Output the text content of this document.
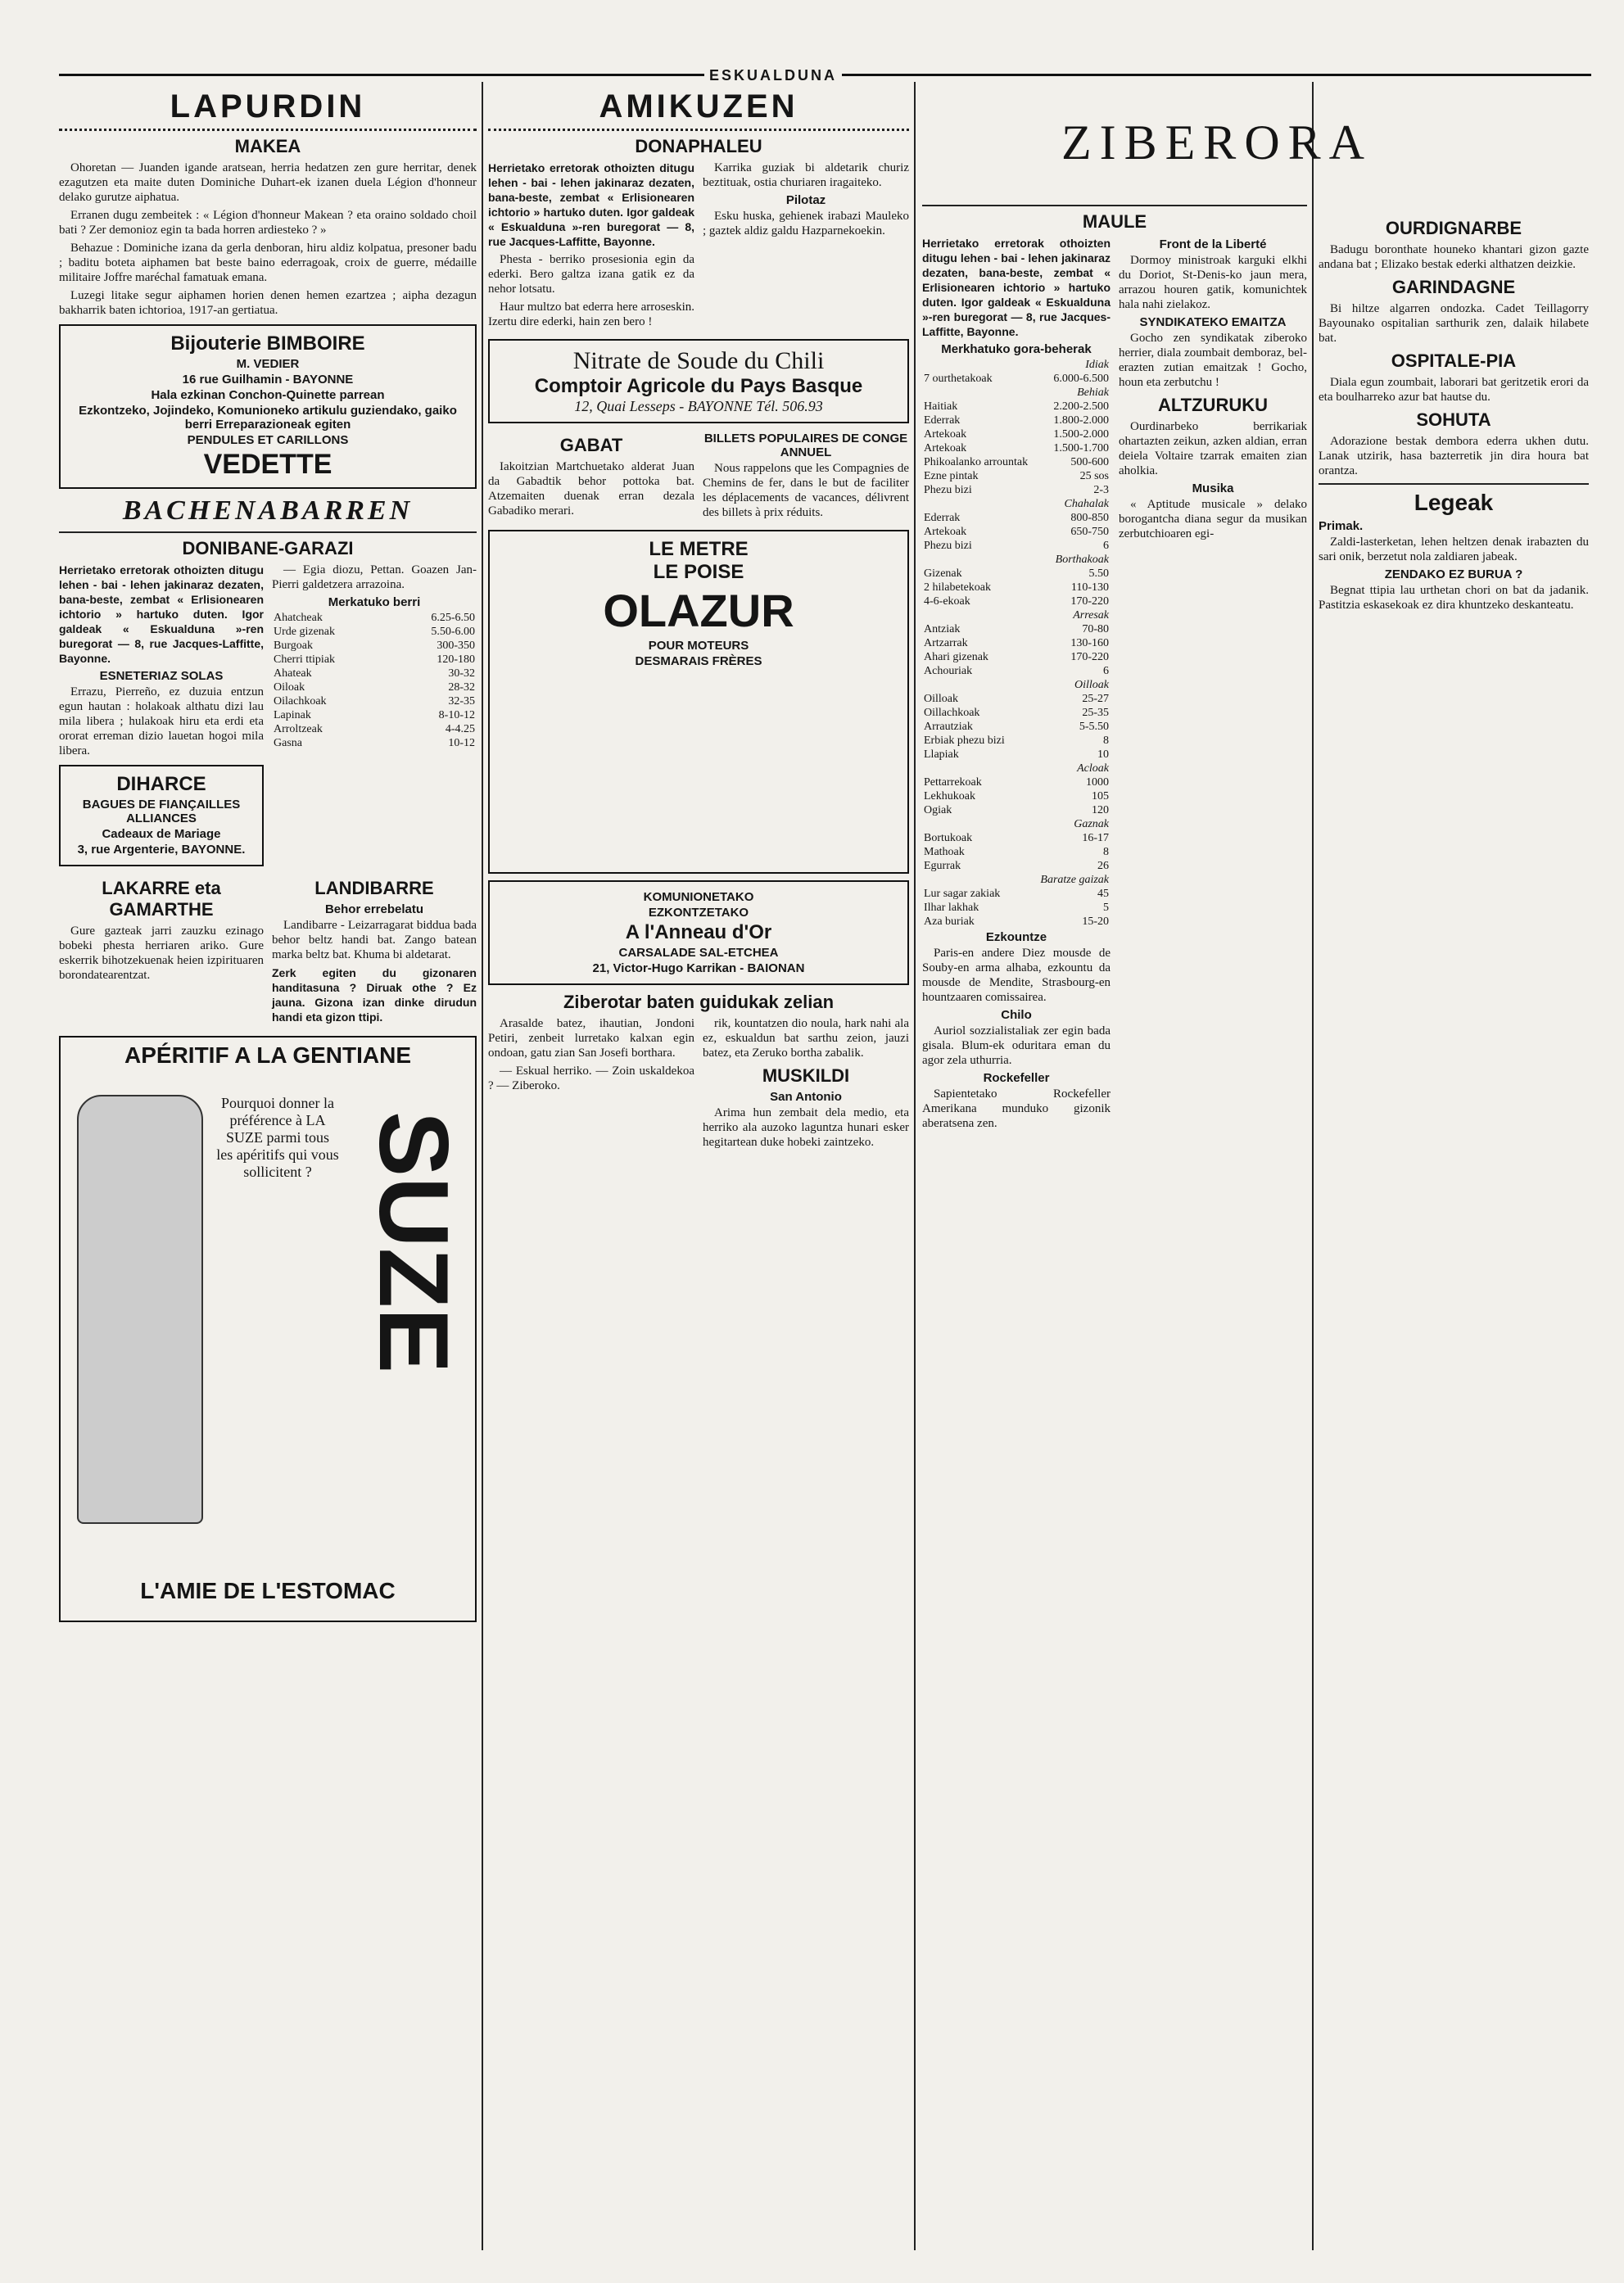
ESKUALDUNA
LAPURDIN
MAKEA

Ohoretan — Juanden igande aratsean, herria hedatzen zen gure herritar, denek ezagutzen eta maite duten Dominiche Duhart-ek izanen duela Légion d'honneur delako gurutze aiphatua.

Erranen dugu zembeitek : « Légion d'honneur Makean ? eta oraino soldado choil bati ? Zer demonioz egin ta bada horren ardiesteko ? »

Behazue : Dominiche izana da gerla denboran, hiru aldiz kolpatua, presoner badu ; baditu boteta aiphamen bat beste baino ederragoak, croix de guerre, médaille militaire Joffre maréchal famatuak emana.

Luzegi litake segur aiphamen horien denen hemen ezartzea ; aipha dezagun bakharrik baten ichtorioa, 1917-an gertiatua.

Bijouterie BIMBOIRE
M. VEDIER
16 rue Guilhamin - BAYONNE
Hala ezkinan Conchon-Quinette parrean
Ezkontzeko, Jojindeko, Komunioneko artikulu guziendako, gaiko berri Erreparazioneak egiten
PENDULES ET CARILLONS
VEDETTE
BACHENABARREN
DONIBANE-GARAZI

Herrietako erretorak othoizten ditugu lehen - bai - lehen jakinaraz dezaten, bana-beste, zembat « Erlisionearen ichtorio » hartuko duten. Igor galdeak « Eskualduna »-ren buregorat — 8, rue Jacques-Laffitte, Bayonne.

ESNETERIAZ SOLAS

Errazu, Pierreño, ez duzuia entzun egun hautan : holakoak althatu dizi lau mila libera ; hulakoak hiru eta erdi eta ororat erreman dizio lauetan hogoi mila libera.

DIHARCE
BAGUES DE FIANÇAILLES ALLIANCES
Cadeaux de Mariage
3, rue Argenterie, BAYONNE.

— Egia diozu, Pettan. Goazen Jan-Pierri galdetzera arrazoina.

Merkatuko berri
Ahatcheak	6.25-6.50
Urde gizenak	5.50-6.00
Burgoak	300-350
Cherri ttipiak	120-180
Ahateak	30-32
Oiloak	28-32
Oilachkoak	32-35
Lapinak	8-10-12
Arroltzeak	4-4.25
Gasna	10-12
LAKARRE eta GAMARTHE

Gure gazteak jarri zauzku ezinago bobeki phesta herriaren ariko. Gure eskerrik bihotzekuenak heien izpirituaren borondatearentzat.

LANDIBARRE
Behor errebelatu

Landibarre - Leizarragarat biddua bada behor beltz handi bat. Zango batean marka beltz bat. Khuma bi aldetarat.

Zerk egiten du gizonaren handitasuna ? Diruak othe ? Ez jauna. Gizona izan dinke dirudun handi eta gizon ttipi.

APÉRITIF A LA GENTIANE
Pourquoi donner la préférence à LA SUZE parmi tous les apéritifs qui vous sollicitent ? SUZE
L'AMIE DE L'ESTOMAC
AMIKUZEN
DONAPHALEU

Herrietako erretorak othoizten ditugu lehen - bai - lehen jakinaraz dezaten, bana-beste, zembat « Erlisionearen ichtorio » hartuko duten. Igor galdeak « Eskualduna »-ren buregorat — 8, rue Jacques-Laffitte, Bayonne.

Phesta - berriko prosesionia egin da ederki. Bero galtza izana gatik ez da nehor lotsatu.

Haur multzo bat ederra here arroseskin. Izertu dire ederki, hain zen bero !

Karrika guziak bi aldetarik churiz beztituak, ostia churiaren iragaiteko.

Pilotaz

Esku huska, gehienek irabazi Mauleko ; gaztek aldiz galdu Hazparnekoekin.

Nitrate de Soude du Chili
Comptoir Agricole du Pays Basque
12, Quai Lesseps - BAYONNE Tél. 506.93
GABAT

Iakoitzian Martchuetako alderat Juan da Gabadtik behor pottoka bat. Atzemaiten duenak erran dezala Gabadiko merari.

BILLETS POPULAIRES DE CONGE ANNUEL

Nous rappelons que les Compagnies de Chemins de fer, dans le but de faciliter les déplacements de vacances, délivrent des billets à prix réduits.

LE METRE
LE POISE
OLAZUR
POUR MOTEURS
DESMARAIS FRÈRES
KOMUNIONETAKO
EZKONTZETAKO
A l'Anneau d'Or
CARSALADE SAL-ETCHEA
21, Victor-Hugo Karrikan - BAIONAN
Ziberotar baten guidukak zelian

Arasalde batez, ihautian, Jondoni Petiri, zenbeit lurretako kalxan egin ondoan, gatu zian San Josefi borthara.

— Eskual herriko. — Zoin uskaldekoa ? — Ziberoko.

rik, kountatzen dio noula, hark nahi ala ez, eskualdun bat sarthu zeion, jauzi batez, eta Zeruko bortha zabalik.

MUSKILDI
San Antonio

Arima hun zembait dela medio, eta herriko ala auzoko laguntza hunari esker hegitartean duke hobeki zaintzeko.

ZIBERORA
MAULE

Herrietako erretorak othoizten ditugu lehen - bai - lehen jakinaraz dezaten, bana-beste, zembat « Erlisionearen ichtorio » hartuko duten. Igor galdeak « Eskualduna »-ren buregorat — 8, rue Jacques-Laffitte, Bayonne.

Merkhatuko gora-beherak
Idiak	
7 ourthetakoak	6.000-6.500
Behiak	
Haitiak	2.200-2.500
Ederrak	1.800-2.000
Artekoak	1.500-2.000
Artekoak	1.500-1.700
Phikoalanko arrountak	500-600
Ezne pintak	25 sos
Phezu bizi	2-3
Chahalak	
Ederrak	800-850
Artekoak	650-750
Phezu bizi	6
Borthakoak	
Gizenak	5.50
2 hilabetekoak	110-130
4-6-ekoak	170-220
Arresak	
Antziak	70-80
Artzarrak	130-160
Ahari gizenak	170-220
Achouriak	6
Oilloak	
Oilloak	25-27
Oillachkoak	25-35
Arrautziak	5-5.50
Erbiak phezu bizi	8
Llapiak	10
Acloak	
Pettarrekoak	1000
Lekhukoak	105
Ogiak	120
Gaznak	
Bortukoak	16-17
Mathoak	8
Egurrak	26
Baratze gaizak	
Lur sagar zakiak	45
Ilhar lakhak	5
Aza buriak	15-20
Ezkountze

Paris-en andere Diez mousde de Souby-en arma alhaba, ezkountu da mousde de Mendite, Strasbourg-en hountzaaren comissairea.

Chilo

Auriol sozzialistaliak zer egin bada gisala. Blum-ek oduritara eman du agor zela uthurria.

Rockefeller

Sapientetako Rockefeller Amerikana munduko gizonik aberatsena zen.

Front de la Liberté

Dormoy ministroak karguki elkhi du Doriot, St-Denis-ko jaun mera, arrazou houren gatik, komunichtek hala nahi zielakoz.

SYNDIKATEKO EMAITZA

Gocho zen syndikatak ziberoko herrier, diala zoumbait demboraz, bel-erazten zutian emaitzak ! Gocho, houn eta zerbutchu !

ALTZURUKU

Ourdinarbeko berrikariak ohartazten zeikun, azken aldian, erran deiela Voltaire tzarrak emaiten zian aholkia.

Musika

« Aptitude musicale » delako borogantcha diana segur da musikan zerbutchioaren egi-

OURDIGNARBE

Badugu boronthate houneko khantari gizon gazte andana bat ; Elizako bestak ederki althatzen deizkie.

GARINDAGNE

Bi hiltze algarren ondozka. Cadet Teillagorry Bayounako ospitalian sarthurik zen, dalaik hilabete bat.

OSPITALE-PIA

Diala egun zoumbait, laborari bat geritzetik erori da eta boulharreko azur bat hautse du.

SOHUTA

Adorazione bestak dembora ederra ukhen dutu. Lanak utzirik, hasa bazterretik jin dira houra bat orantza.

Legeak
Primak.

Zaldi-lasterketan, lehen heltzen denak irabazten du sari onik, berzetut nola zaldiaren jabeak.

ZENDAKO EZ BURUA ?

Begnat ttipia lau urthetan chori on bat da jadanik. Pastitzia eskasekoak ez dira khuntzeko deskanteatu.
